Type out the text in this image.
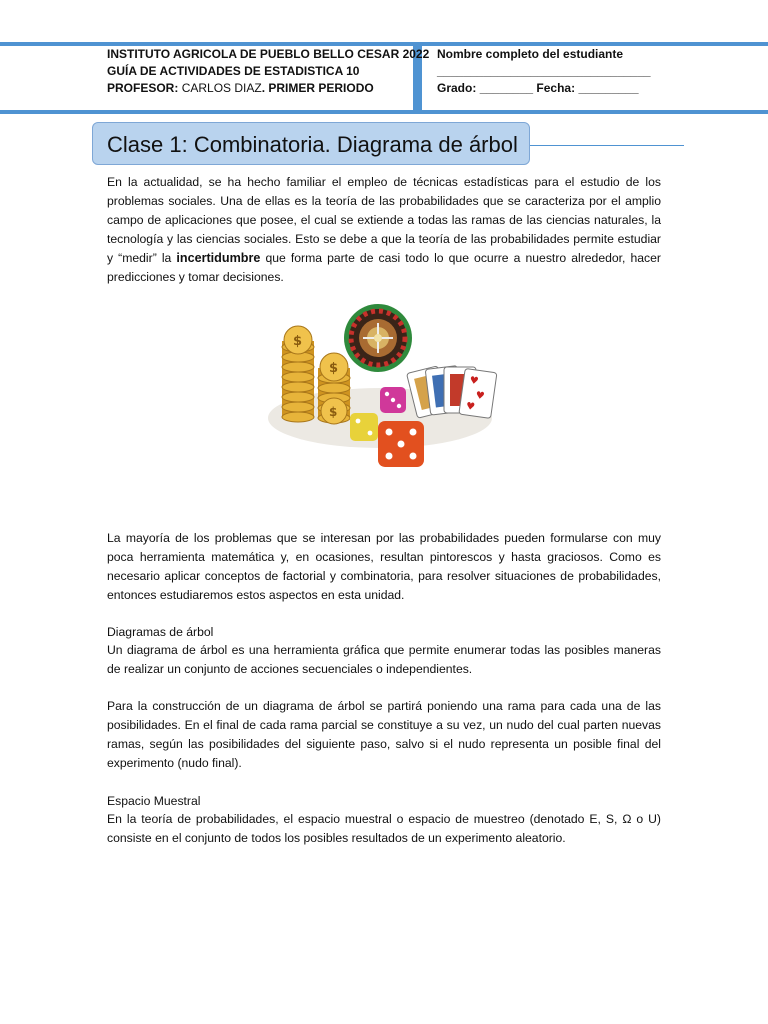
INSTITUTO AGRICOLA DE PUEBLO BELLO CESAR 2022
GUÍA DE ACTIVIDADES DE ESTADISTICA 10
PROFESOR: CARLOS DIAZ. PRIMER PERIODO
Nombre completo del estudiante
________________________________
Grado: ________ Fecha: _________
Clase 1: Combinatoria. Diagrama de árbol
En la actualidad, se ha hecho familiar el empleo de técnicas estadísticas para el estudio de los problemas sociales. Una de ellas es la teoría de las probabilidades que se caracteriza por el amplio campo de aplicaciones que posee, el cual se extiende a todas las ramas de las ciencias naturales, la tecnología y las ciencias sociales. Esto se debe a que la teoría de las probabilidades permite estudiar y “medir” la incertidumbre que forma parte de casi todo lo que ocurre a nuestro alrededor, hacer predicciones y tomar decisiones.
♥
♥
♥
$
$
$
La mayoría de los problemas que se interesan por las probabilidades pueden formularse con muy poca herramienta matemática y, en ocasiones, resultan pintorescos y hasta graciosos. Como es necesario aplicar conceptos de factorial y combinatoria, para resolver situaciones de probabilidades, entonces estudiaremos estos aspectos en esta unidad.
Diagramas de árbol
Un diagrama de árbol es una herramienta gráfica que permite enumerar todas las posibles maneras de realizar un conjunto de acciones secuenciales o independientes.
Para la construcción de un diagrama de árbol se partirá poniendo una rama para cada una de las posibilidades. En el final de cada rama parcial se constituye a su vez, un nudo del cual parten nuevas ramas, según las posibilidades del siguiente paso, salvo si el nudo representa un posible final del experimento (nudo final).
Espacio Muestral
En la teoría de probabilidades, el espacio muestral o espacio de muestreo (denotado E, S, Ω o U) consiste en el conjunto de todos los posibles resultados de un experimento aleatorio.
